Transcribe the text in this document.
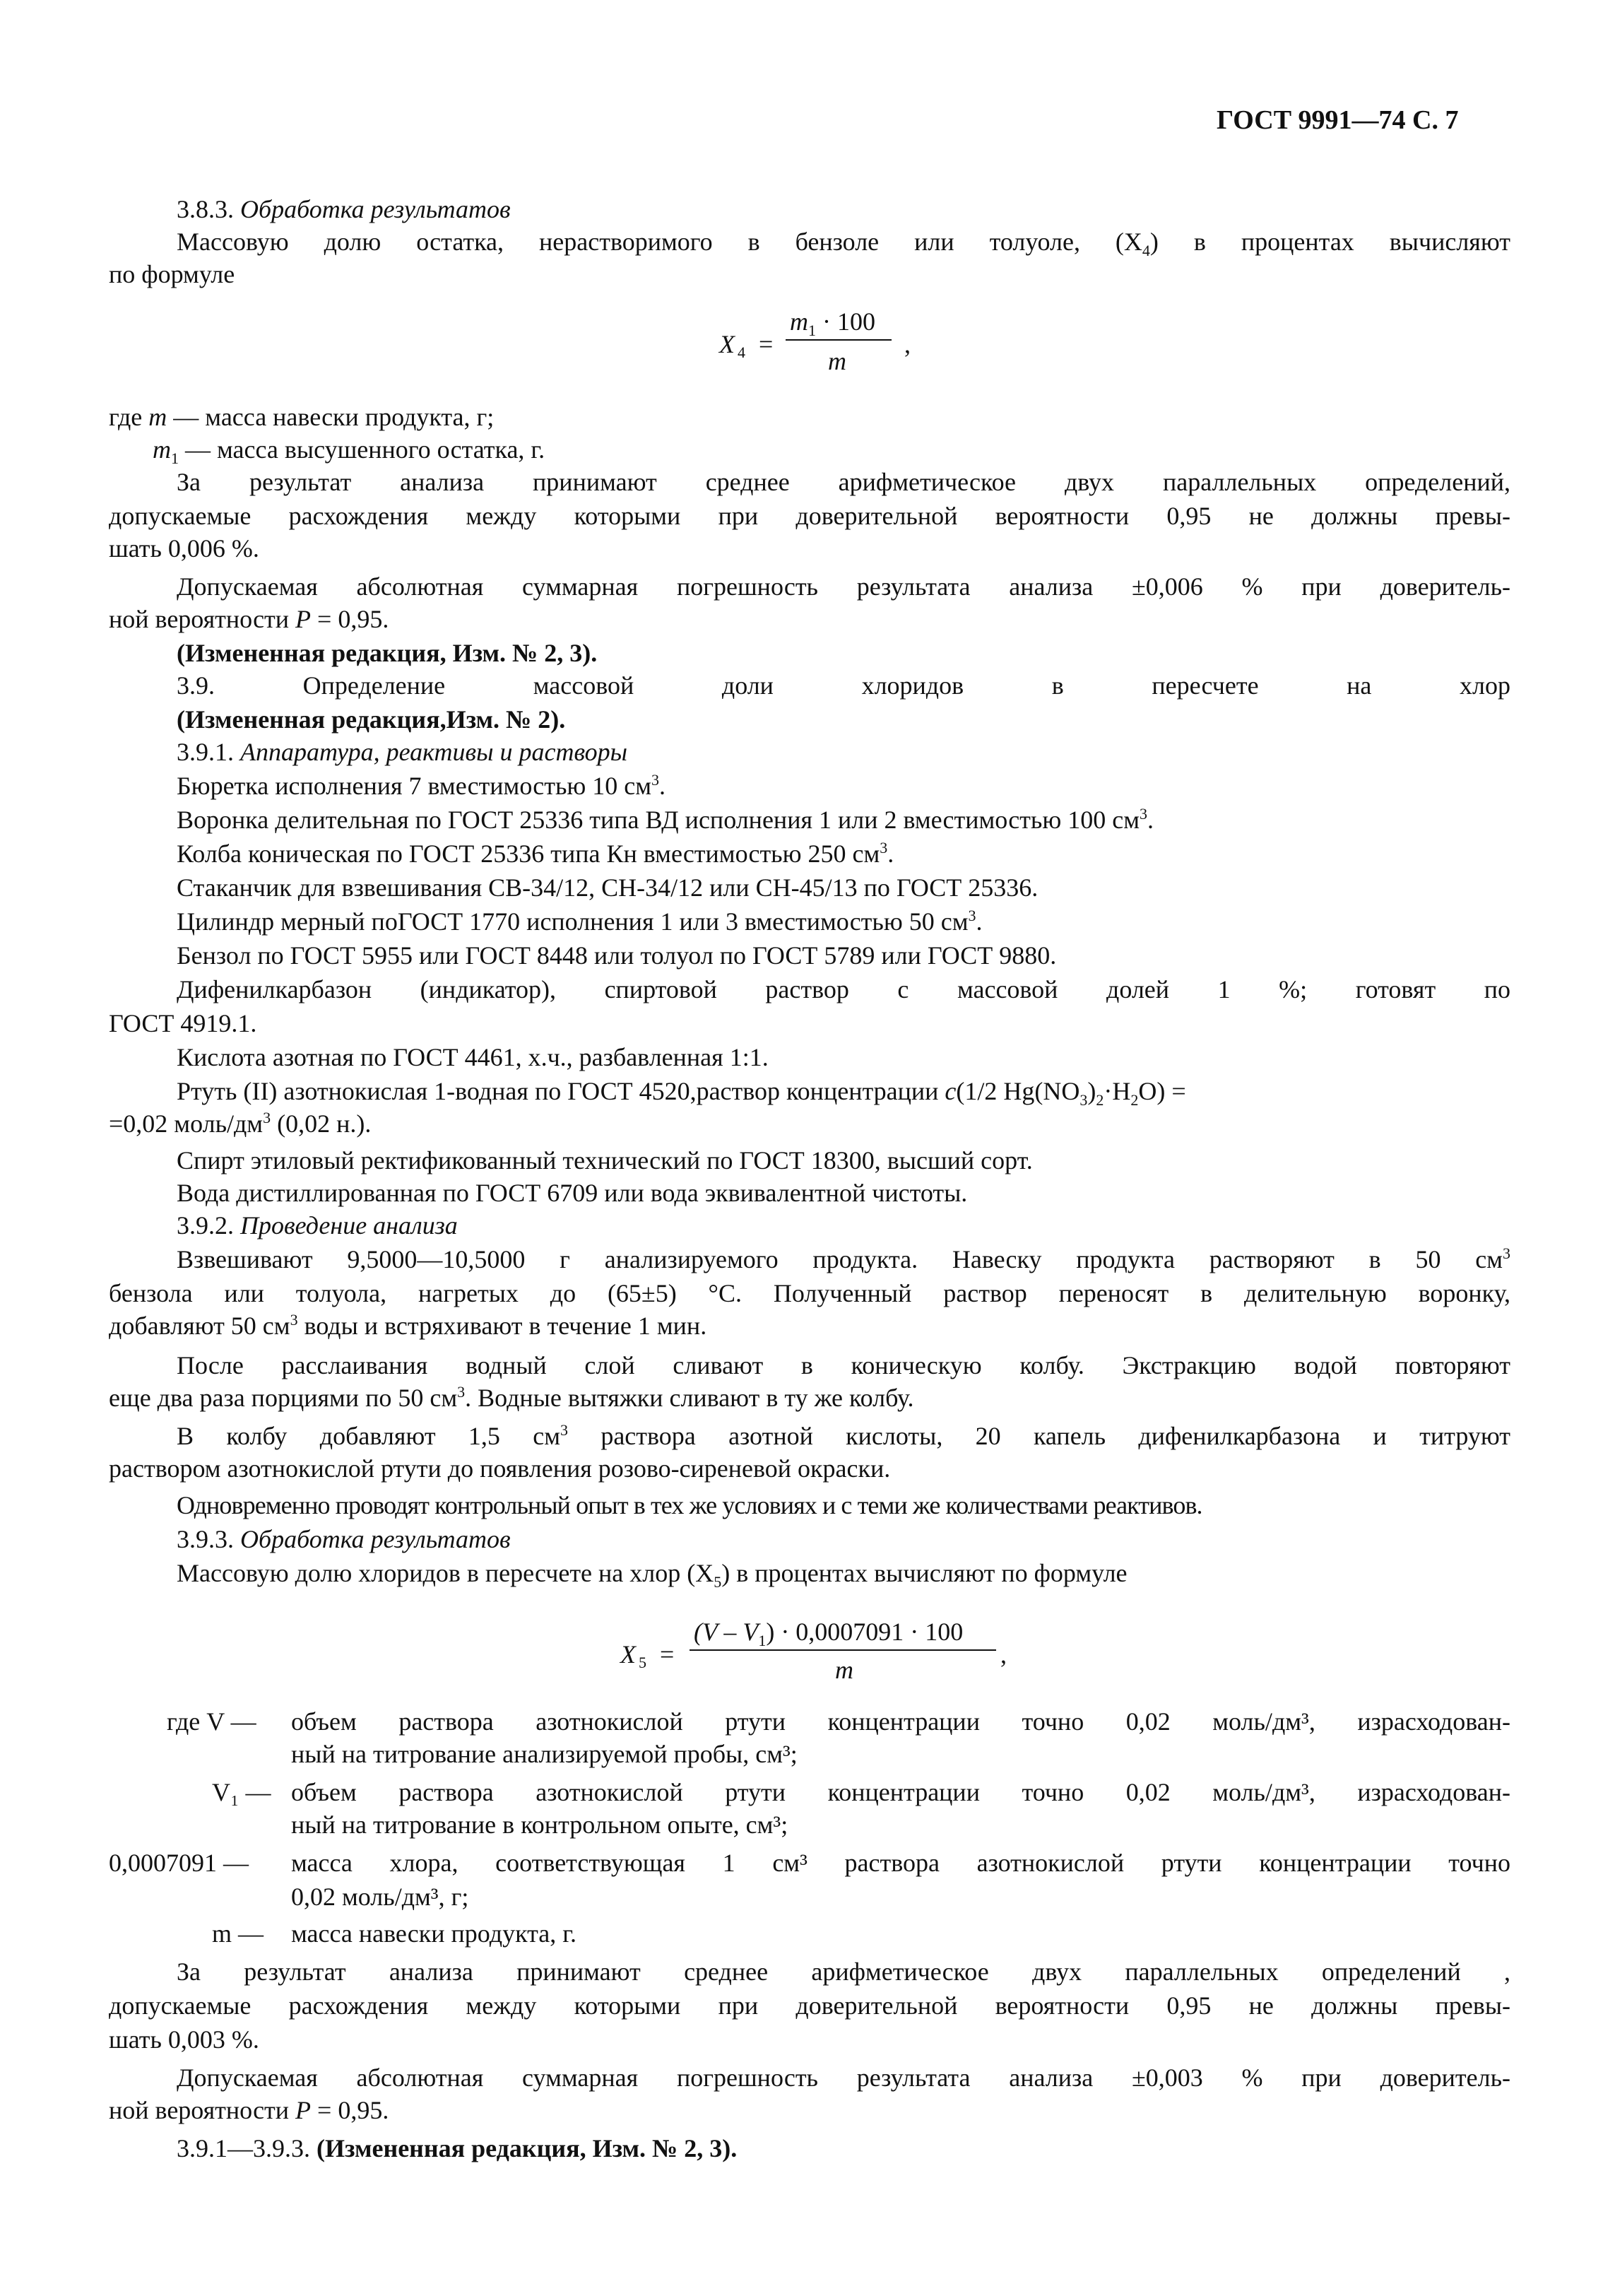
ГОСТ 9991—74 С. 7
3.8.3. Обработка результатов
Массовую долю остатка, нерастворимого в бензоле или толуоле, $(X_4)$ в процентах вычисляют
по формуле
X 4 =
$m_1 \cdot 100$
m
,
где m — масса навески продукта, г;
$m_1$ — масса высушенного остатка, г.
За результат анализа принимают среднее арифметическое двух параллельных определений,
допускаемые расхождения между которыми при доверительной вероятности 0,95 не должны превы-
шать 0,006 %.
Допускаемая абсолютная суммарная погрешность результата анализа ±0,006 % при доверитель-
ной вероятности P = 0,95.
(Измененная редакция, Изм. № 2, 3).
3.9. Определение массовой доли хлоридов в пересчете на хлор
(Измененная редакция,Изм. № 2).
3.9.1. Аппаратура, реактивы и растворы
Бюретка исполнения 7 вместимостью 10 $см^3$.
Воронка делительная по ГОСТ 25336 типа ВД исполнения 1 или 2 вместимостью 100 $см^3$.
Колба коническая по ГОСТ 25336 типа Кн вместимостью 250 $см^3$.
Стаканчик для взвешивания СВ-34/12, СН-34/12 или СН-45/13 по ГОСТ 25336.
Цилиндр мерный поГОСТ 1770 исполнения 1 или 3 вместимостью 50 $см^3$.
Бензол по ГОСТ 5955 или ГОСТ 8448 или толуол по ГОСТ 5789 или ГОСТ 9880.
Дифенилкарбазон (индикатор), спиртовой раствор с массовой долей 1 %; готовят по
ГОСТ 4919.1.
Кислота азотная по ГОСТ 4461, х.ч., разбавленная 1:1.
Ртуть (II) азотнокислая 1-водная по ГОСТ 4520,раствор концентрации c(1/2 $Hg(NO_3)_2\cdot H_2O$) =
=0,02 моль/$дм^3$ (0,02 н.).
Спирт этиловый ректификованный технический по ГОСТ 18300, высший сорт.
Вода дистиллированная по ГОСТ 6709 или вода эквивалентной чистоты.
3.9.2. Проведение анализа
Взвешивают 9,5000—10,5000 г анализируемого продукта. Навеску продукта растворяют в 50 $см^3$
бензола или толуола, нагретых до (65±5) °С. Полученный раствор переносят в делительную воронку,
добавляют 50 $см^3$ воды и встряхивают в течение 1 мин.
После расслаивания водный слой сливают в коническую колбу. Экстракцию водой повторяют
еще два раза порциями по 50 $см^3$. Водные вытяжки сливают в ту же колбу.
В колбу добавляют 1,5 $см^3$ раствора азотной кислоты, 20 капель дифенилкарбазона и титруют
раствором азотнокислой ртути до появления розово-сиреневой окраски.
Одновременно проводят контрольный опыт в тех же условиях и с теми же количествами реактивов.
3.9.3. Обработка результатов
Массовую долю хлоридов в пересчете на хлор $(X_5)$ в процентах вычисляют по формуле
X 5 =
$(V - V_1) \cdot 0,0007091 \cdot 100$
m
,
где V — объем раствора азотнокислой ртути концентрации точно 0,02 моль/дм³, израсходован-
ный на титрование анализируемой пробы, см³;
V₁ — объем раствора азотнокислой ртути концентрации точно 0,02 моль/дм³, израсходован-
ный на титрование в контрольном опыте, см³;
0,0007091 — масса хлора, соответствующая 1 см³ раствора азотнокислой ртути концентрации точно
0,02 моль/дм³, г;
m — масса навески продукта, г.
За результат анализа принимают среднее арифметическое двух параллельных определений ,
допускаемые расхождения между которыми при доверительной вероятности 0,95 не должны превы-
шать 0,003 %.
Допускаемая абсолютная суммарная погрешность результата анализа ±0,003 % при доверитель-
ной вероятности P = 0,95.
3.9.1—3.9.3. (Измененная редакция, Изм. № 2, 3).
